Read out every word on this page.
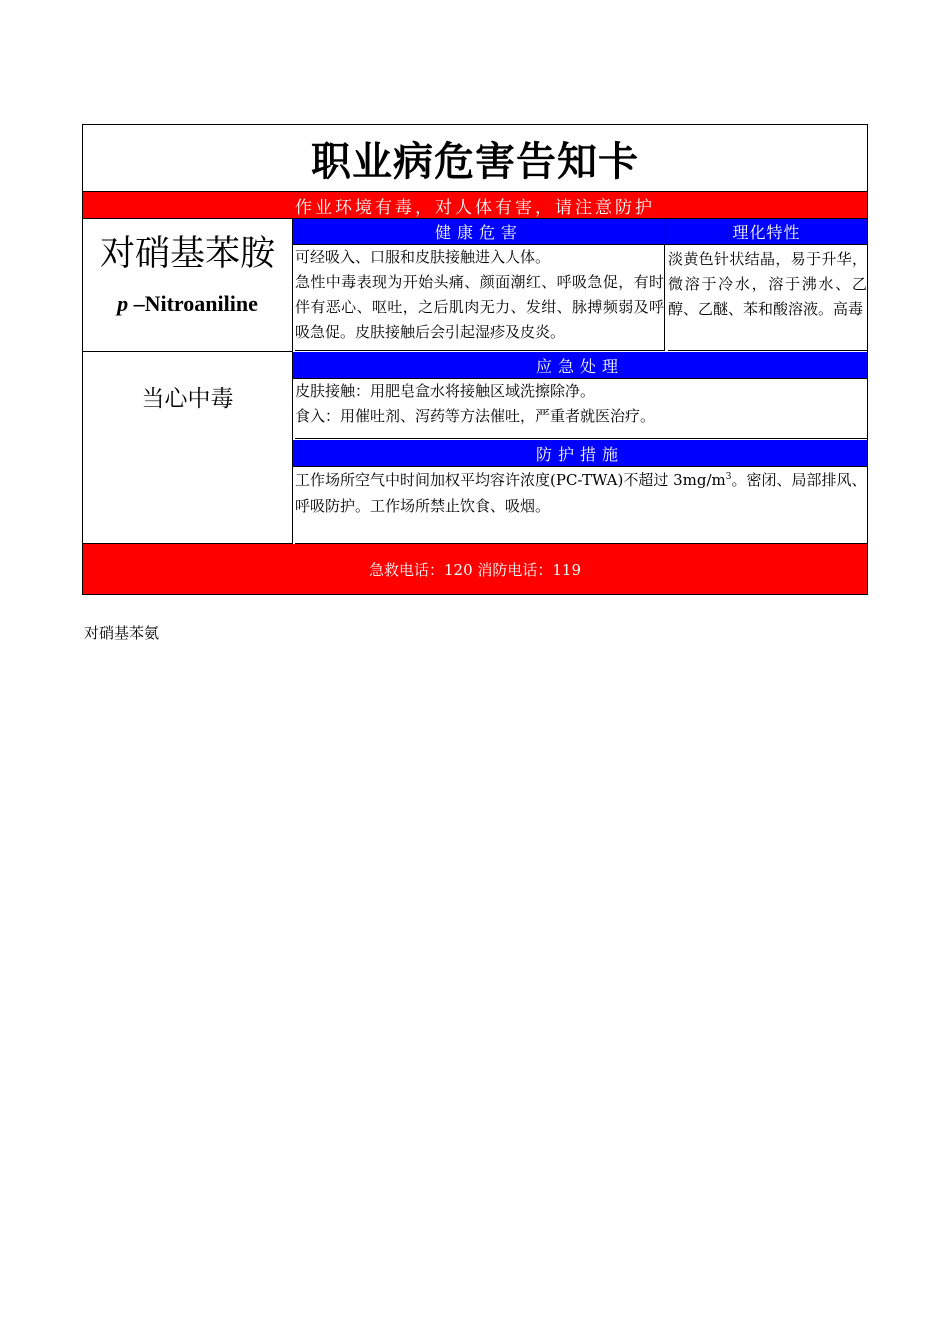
职业病危害告知卡
作业环境有毒，对人体有害，请注意防护
对硝基苯胺
p –Nitroaniline
健康危害	理化特性
可经吸入、口服和皮肤接触进入人体。
急性中毒表现为开始头痛、颜面潮红、呼吸急促，有时伴有恶心、呕吐，之后肌肉无力、发绀、脉搏频弱及呼吸急促。皮肤接触后会引起湿疹及皮炎。
淡黄色针状结晶，易于升华，微溶于冷水，溶于沸水、乙醇、乙醚、苯和酸溶液。高毒
当心中毒
应急处理
皮肤接触：用肥皂盒水将接触区域洗擦除净。
食入：用催吐剂、泻药等方法催吐，严重者就医治疗。
防护措施
工作场所空气中时间加权平均容许浓度(PC-TWA)不超过 $3mg/m^3$。密闭、局部排风、呼吸防护。工作场所禁止饮食、吸烟。
急救电话：120 消防电话：119
对硝基苯氨
